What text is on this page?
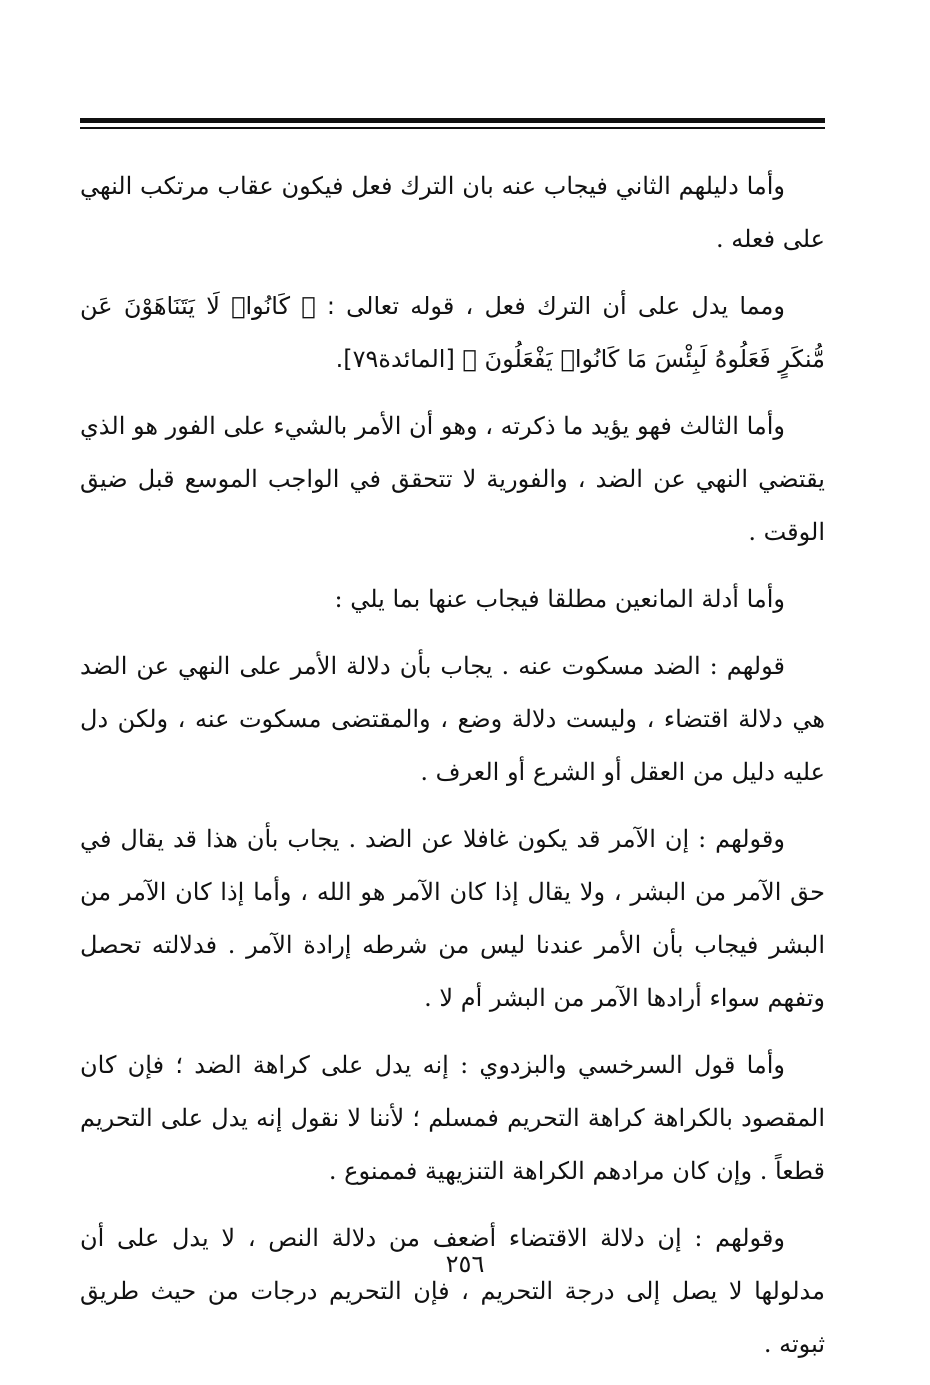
وأما دليلهم الثاني فيجاب عنه بان الترك فعل فيكون عقاب مرتكب النهي على فعله .

ومما يدل على أن الترك فعل ، قوله تعالى : ﴿ كَانُوا۟ لَا يَتَنَاهَوْنَ عَن مُّنكَرٍ فَعَلُوهُ لَبِئْسَ مَا كَانُوا۟ يَفْعَلُونَ ﴾ [المائدة٧٩].

وأما الثالث فهو يؤيد ما ذكرته ، وهو أن الأمر بالشيء على الفور هو الذي يقتضي النهي عن الضد ، والفورية لا تتحقق في الواجب الموسع قبل ضيق الوقت .

وأما أدلة المانعين مطلقا فيجاب عنها بما يلي :

قولهم : الضد مسكوت عنه . يجاب بأن دلالة الأمر على النهي عن الضد هي دلالة اقتضاء ، وليست دلالة وضع ، والمقتضى مسكوت عنه ، ولكن دل عليه دليل من العقل أو الشرع أو العرف .

وقولهم : إن الآمر قد يكون غافلا عن الضد . يجاب بأن هذا قد يقال في حق الآمر من البشر ، ولا يقال إذا كان الآمر هو الله ، وأما إذا كان الآمر من البشر فيجاب بأن الأمر عندنا ليس من شرطه إرادة الآمر . فدلالته تحصل وتفهم سواء أرادها الآمر من البشر أم لا .

وأما قول السرخسي والبزدوي : إنه يدل على كراهة الضد ؛ فإن كان المقصود بالكراهة كراهة التحريم فمسلم ؛ لأننا لا نقول إنه يدل على التحريم قطعاً . وإن كان مرادهم الكراهة التنزيهية فممنوع .

وقولهم : إن دلالة الاقتضاء أضعف من دلالة النص ، لا يدل على أن مدلولها لا يصل إلى درجة التحريم ، فإن التحريم درجات من حيث طريق ثبوته .

٢٥٦
